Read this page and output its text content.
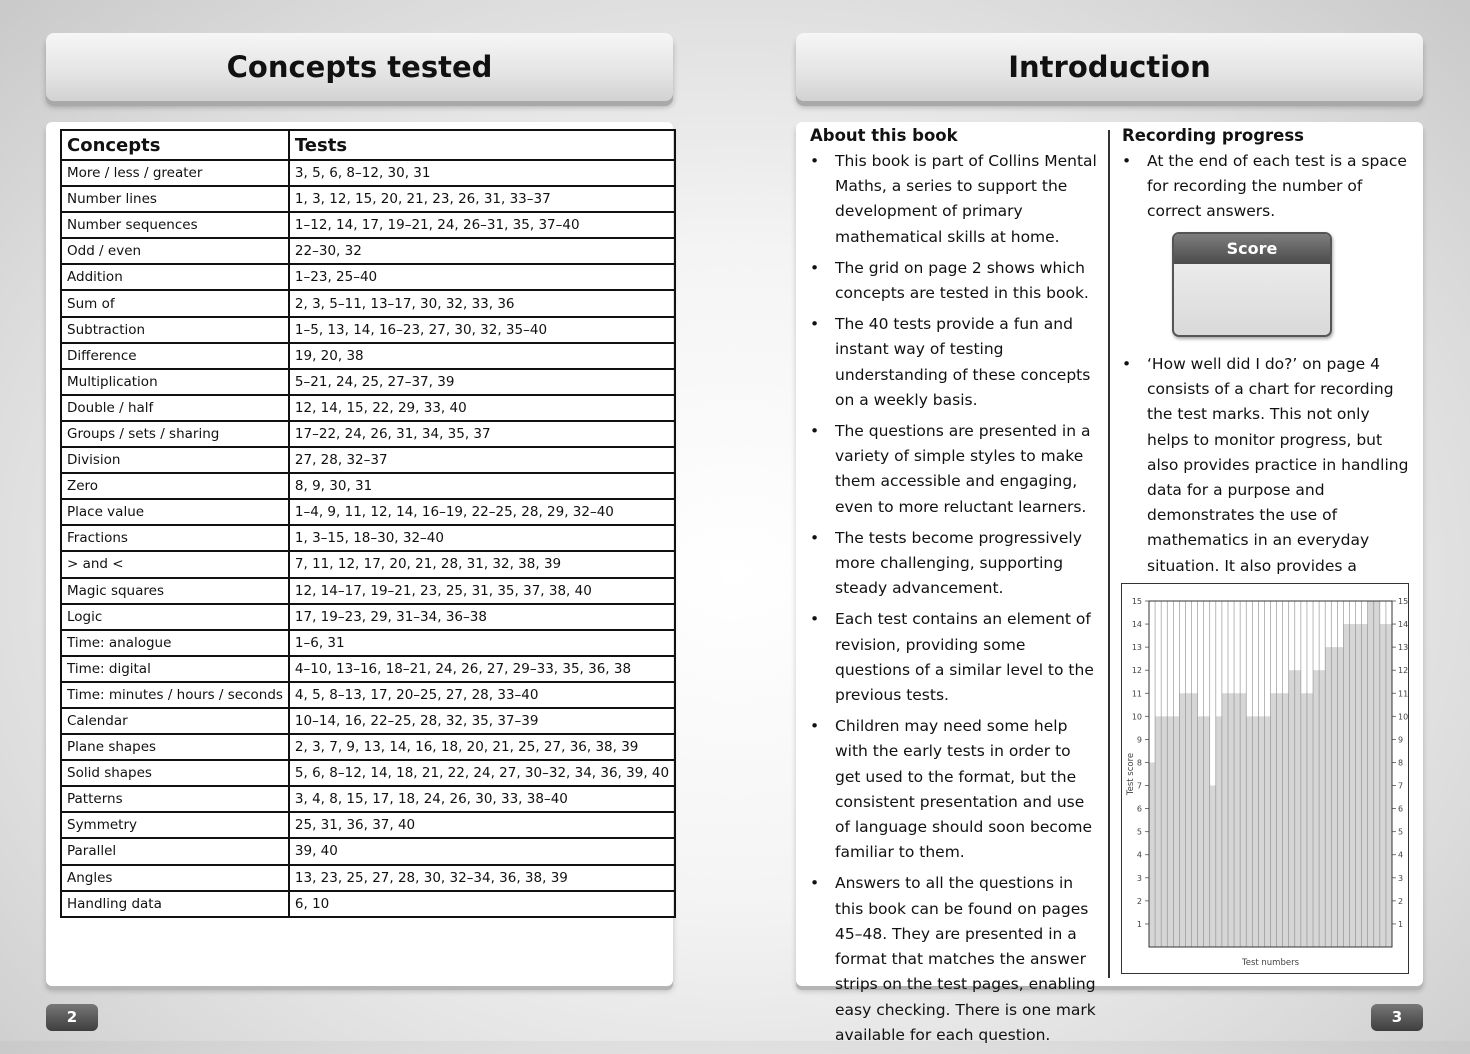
Concepts tested
Concepts	Tests
More / less / greater	3, 5, 6, 8–12, 30, 31
Number lines	1, 3, 12, 15, 20, 21, 23, 26, 31, 33–37
Number sequences	1–12, 14, 17, 19–21, 24, 26–31, 35, 37–40
Odd / even	22–30, 32
Addition	1–23, 25–40
Sum of	2, 3, 5–11, 13–17, 30, 32, 33, 36
Subtraction	1–5, 13, 14, 16–23, 27, 30, 32, 35–40
Difference	19, 20, 38
Multiplication	5–21, 24, 25, 27–37, 39
Double / half	12, 14, 15, 22, 29, 33, 40
Groups / sets / sharing	17–22, 24, 26, 31, 34, 35, 37
Division	27, 28, 32–37
Zero	8, 9, 30, 31
Place value	1–4, 9, 11, 12, 14, 16–19, 22–25, 28, 29, 32–40
Fractions	1, 3–15, 18–30, 32–40
> and <	7, 11, 12, 17, 20, 21, 28, 31, 32, 38, 39
Magic squares	12, 14–17, 19–21, 23, 25, 31, 35, 37, 38, 40
Logic	17, 19–23, 29, 31–34, 36–38
Time: analogue	1–6, 31
Time: digital	4–10, 13–16, 18–21, 24, 26, 27, 29–33, 35, 36, 38
Time: minutes / hours / seconds	4, 5, 8–13, 17, 20–25, 27, 28, 33–40
Calendar	10–14, 16, 22–25, 28, 32, 35, 37–39
Plane shapes	2, 3, 7, 9, 13, 14, 16, 18, 20, 21, 25, 27, 36, 38, 39
Solid shapes	5, 6, 8–12, 14, 18, 21, 22, 24, 27, 30–32, 34, 36, 39, 40
Patterns	3, 4, 8, 15, 17, 18, 24, 26, 30, 33, 38–40
Symmetry	25, 31, 36, 37, 40
Parallel	39, 40
Angles	13, 23, 25, 27, 28, 30, 32–34, 36, 38, 39
Handling data	6, 10
2
Introduction
About this book
• This book is part of Collins Mental Maths, a series to support the development of primary mathematical skills at home.
• The grid on page 2 shows which concepts are tested in this book.
• The 40 tests provide a fun and instant way of testing understanding of these concepts on a weekly basis.
• The questions are presented in a variety of simple styles to make them accessible and engaging, even to more reluctant learners.
• The tests become progressively more challenging, supporting steady advancement.
• Each test contains an element of revision, providing some questions of a similar level to the previous tests.
• Children may need some help with the early tests in order to get used to the format, but the consistent presentation and use of language should soon become familiar to them.
• Answers to all the questions in this book can be found on pages 45–48. They are presented in a format that matches the answer strips on the test pages, enabling easy checking. There is one mark available for each question.
Recording progress
• At the end of each test is a space for recording the number of correct answers.
Score
• ‘How well did I do?’ on page 4 consists of a chart for recording the test marks. This not only helps to monitor progress, but also provides practice in handling data for a purpose and demonstrates the use of mathematics in an everyday situation. It also provides a
1	1
2	2
3	3
4	4
5	5
6	6
7	7
8	8
9	9
10	10
11	11
12	12
13	13
14	14
15	15
Test score
Test numbers
3
